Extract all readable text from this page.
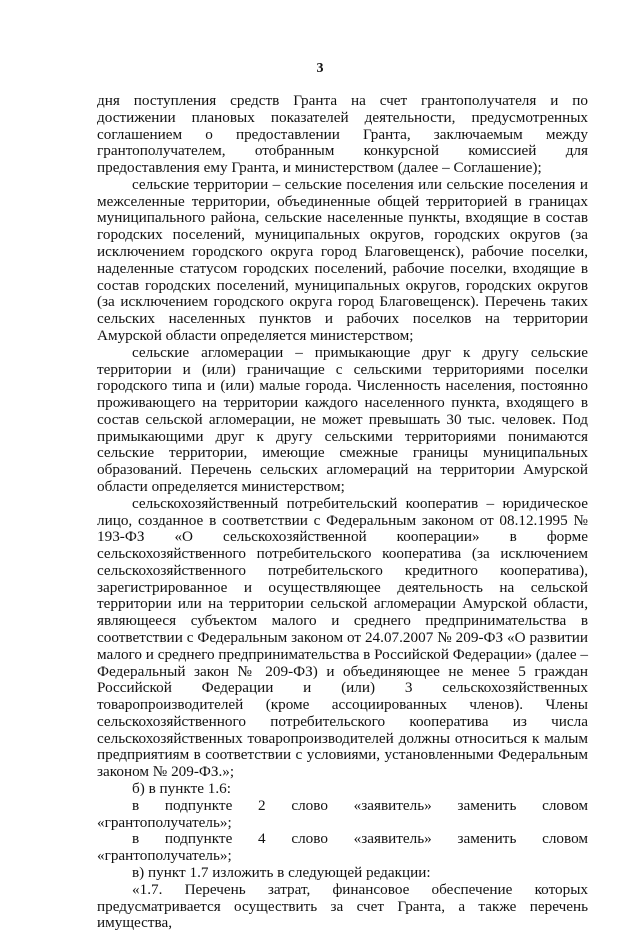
3

дня поступления средств Гранта на счет грантополучателя и по достижении плановых показателей деятельности, предусмотренных соглашением о предоставлении Гранта, заключаемым между грантополучателем, отобранным конкурсной комиссией для предоставления ему Гранта, и министерством (далее – Соглашение);

сельские территории – сельские поселения или сельские поселения и межселенные территории, объединенные общей территорией в границах муниципального района, сельские населенные пункты, входящие в состав городских поселений, муниципальных округов, городских округов (за исключением городского округа город Благовещенск), рабочие поселки, наделенные статусом городских поселений, рабочие поселки, входящие в состав городских поселений, муниципальных округов, городских округов (за исключением городского округа город Благовещенск). Перечень таких сельских населенных пунктов и рабочих поселков на территории Амурской области определяется министерством;

сельские агломерации – примыкающие друг к другу сельские территории и (или) граничащие с сельскими территориями поселки городского типа и (или) малые города. Численность населения, постоянно проживающего на территории каждого населенного пункта, входящего в состав сельской агломерации, не может превышать 30 тыс. человек. Под примыкающими друг к другу сельскими территориями понимаются сельские территории, имеющие смежные границы муниципальных образований. Перечень сельских агломераций на территории Амурской области определяется министерством;

сельскохозяйственный потребительский кооператив – юридическое лицо, созданное в соответствии с Федеральным законом от 08.12.1995 № 193-ФЗ «О сельскохозяйственной кооперации» в форме сельскохозяйственного потребительского кооператива (за исключением сельскохозяйственного потребительского кредитного кооператива), зарегистрированное и осуществляющее деятельность на сельской территории или на территории сельской агломерации Амурской области, являющееся субъектом малого и среднего предпринимательства в соответствии с Федеральным законом от 24.07.2007 № 209-ФЗ «О развитии малого и среднего предпринимательства в Российской Федерации» (далее – Федеральный закон № 209-ФЗ) и объединяющее не менее 5 граждан Российской Федерации и (или) 3 сельскохозяйственных товаропроизводителей (кроме ассоциированных членов). Члены сельскохозяйственного потребительского кооператива из числа сельскохозяйственных товаропроизводителей должны относиться к малым предприятиям в соответствии с условиями, установленными Федеральным законом № 209-ФЗ.»;

б) в пункте 1.6:

в подпункте 2 слово «заявитель» заменить словом «грантополучатель»;

в подпункте 4 слово «заявитель» заменить словом «грантополучатель»;

в) пункт 1.7 изложить в следующей редакции:

«1.7. Перечень затрат, финансовое обеспечение которых предусматривается осуществить за счет Гранта, а также перечень имущества,
